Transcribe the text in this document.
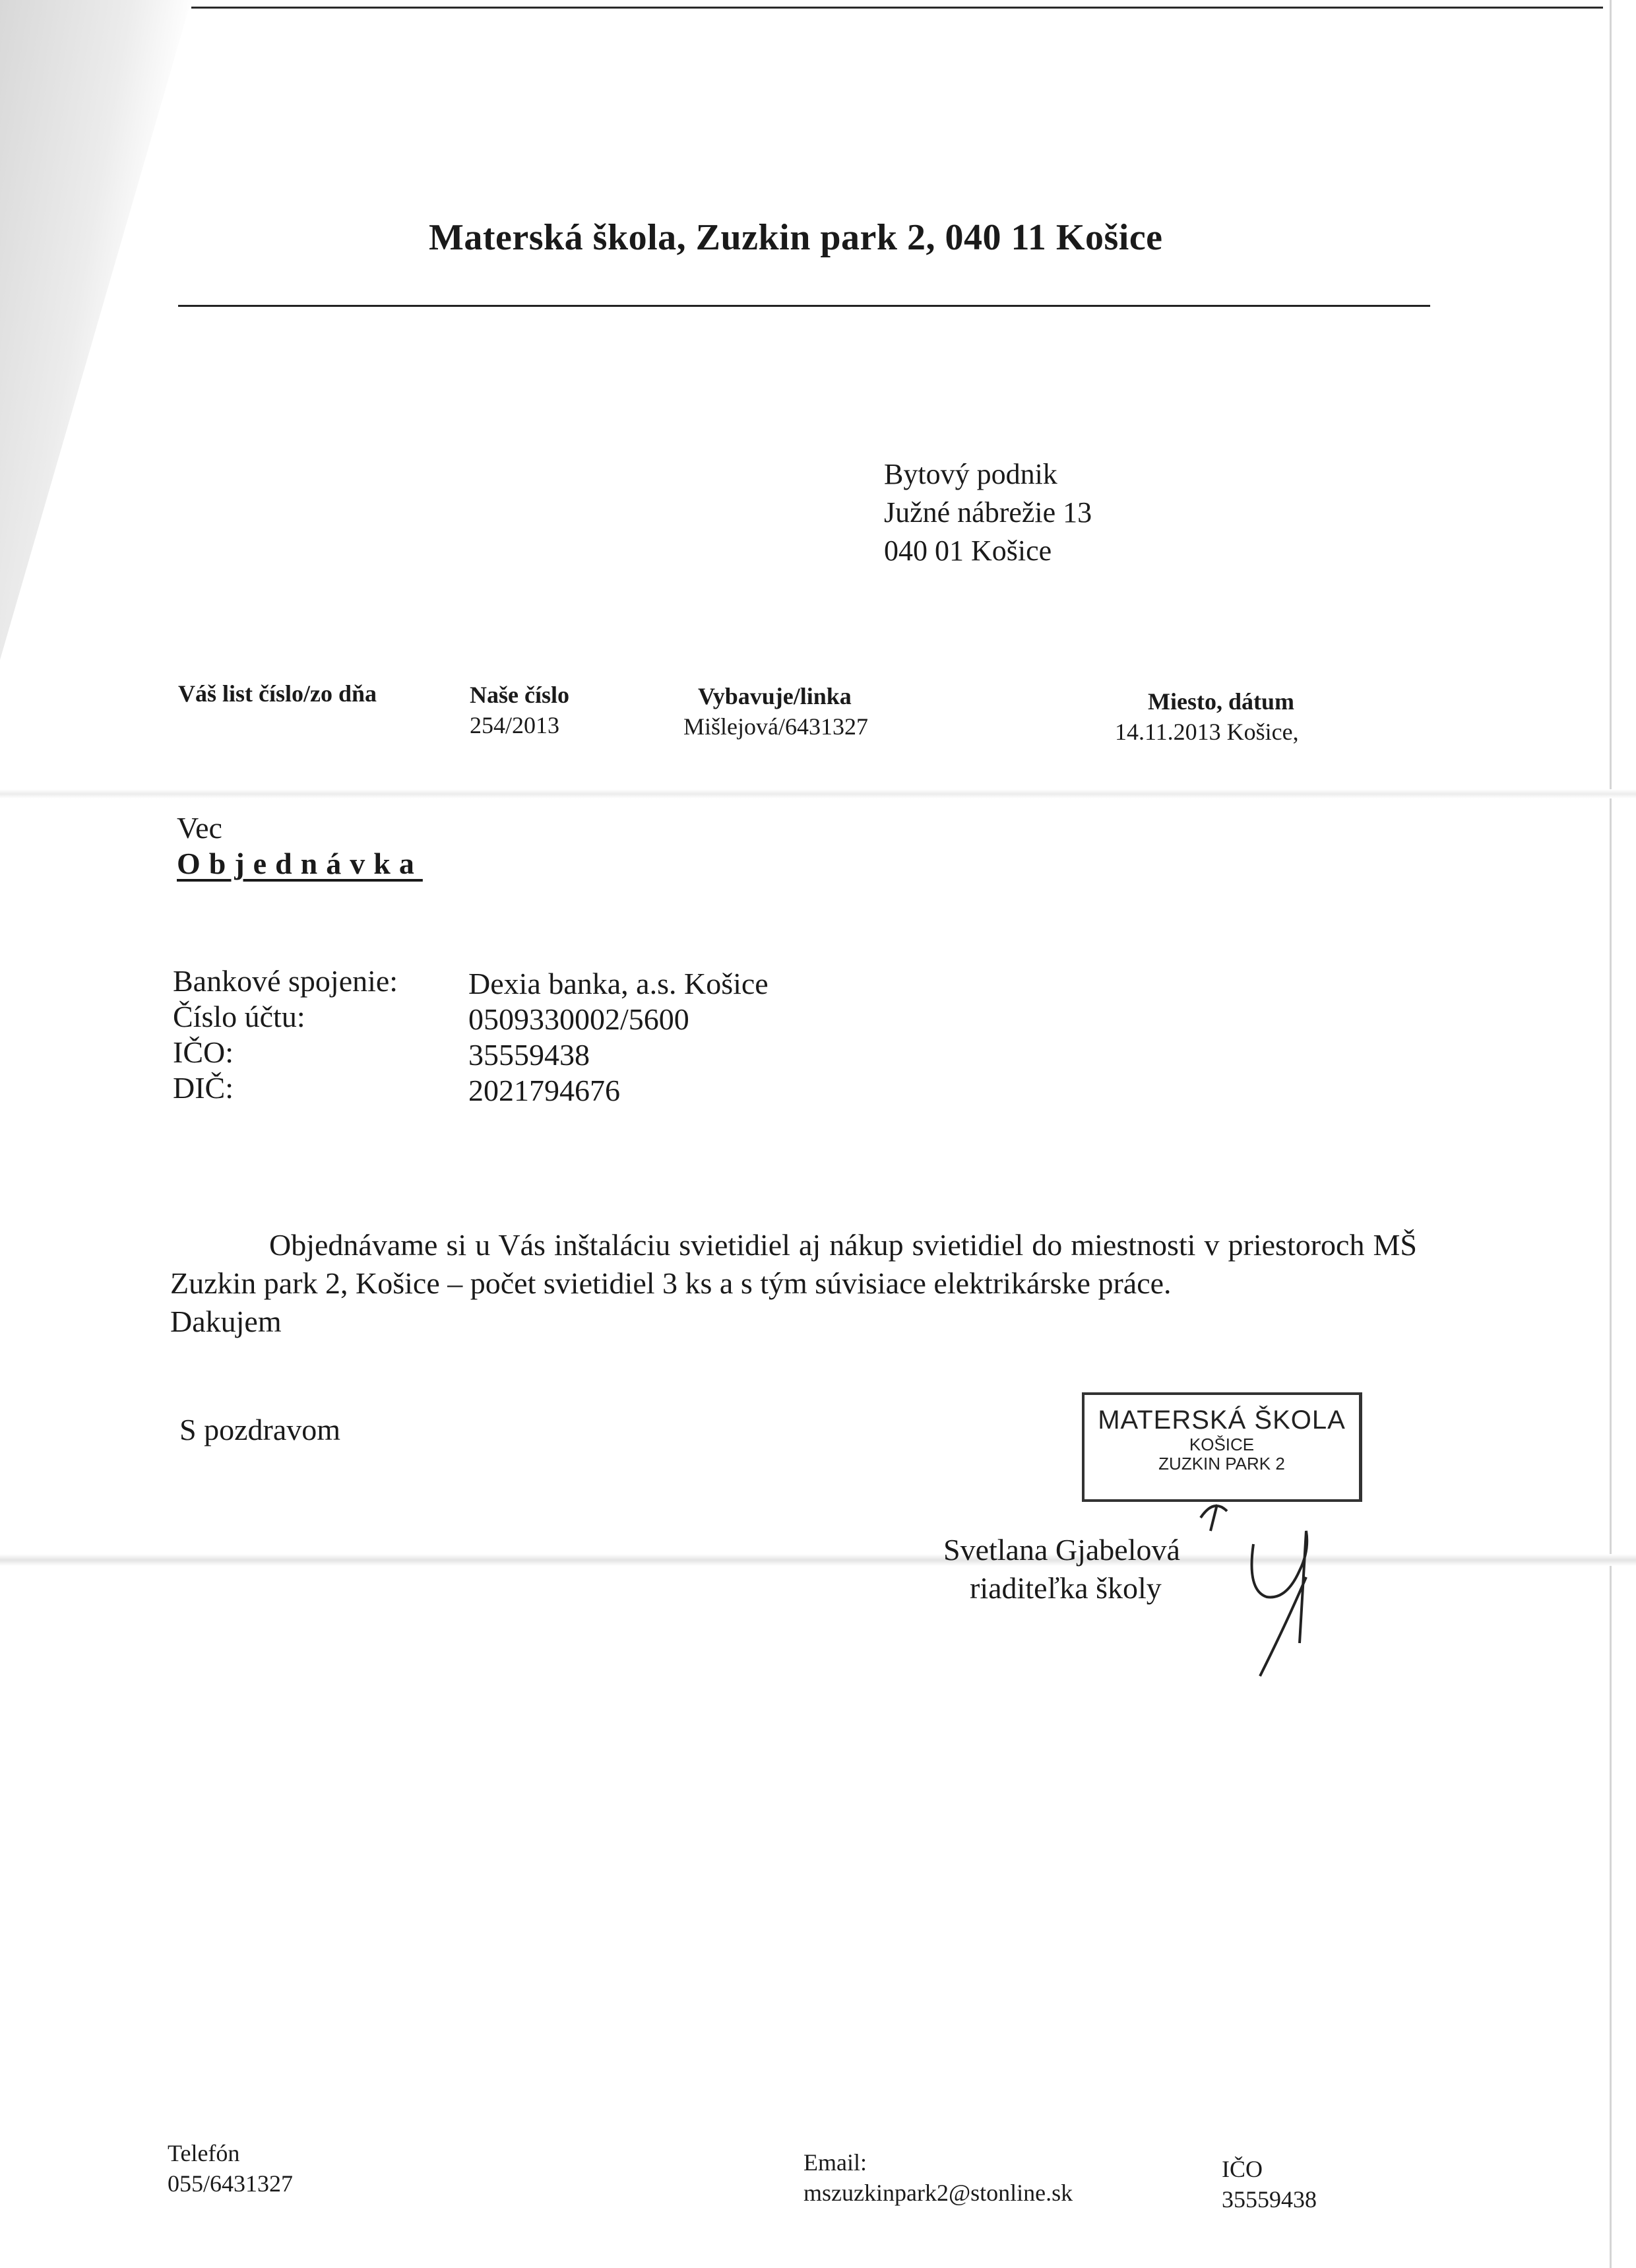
Materská škola, Zuzkin park 2, 040 11 Košice
Bytový podnik
Južné nábrežie 13
040 01 Košice
Váš list číslo/zo dňa	Naše číslo
254/2013
Vybavuje/linka
Mišlejová/6431327
Miesto, dátum
14.11.2013 Košice,
Vec
Objednávka
Bankové spojenie:
Číslo účtu:
IČO:
DIČ:
Dexia banka, a.s. Košice
0509330002/5600
35559438
2021794676

Objednávame si u Vás inštaláciu svietidiel aj nákup svietidiel do miestnosti v priestoroch MŠ Zuzkin park 2, Košice – počet svietidiel 3 ks a s tým súvisiace elektrikárske práce.

Dakujem

S pozdravom	MATERSKÁ ŠKOLA
KOŠICE
ZUZKIN PARK 2
Svetlana Gjabelová
riaditeľka školy
Telefón
055/6431327
Email:
mszuzkinpark2@stonline.sk
IČO
35559438
